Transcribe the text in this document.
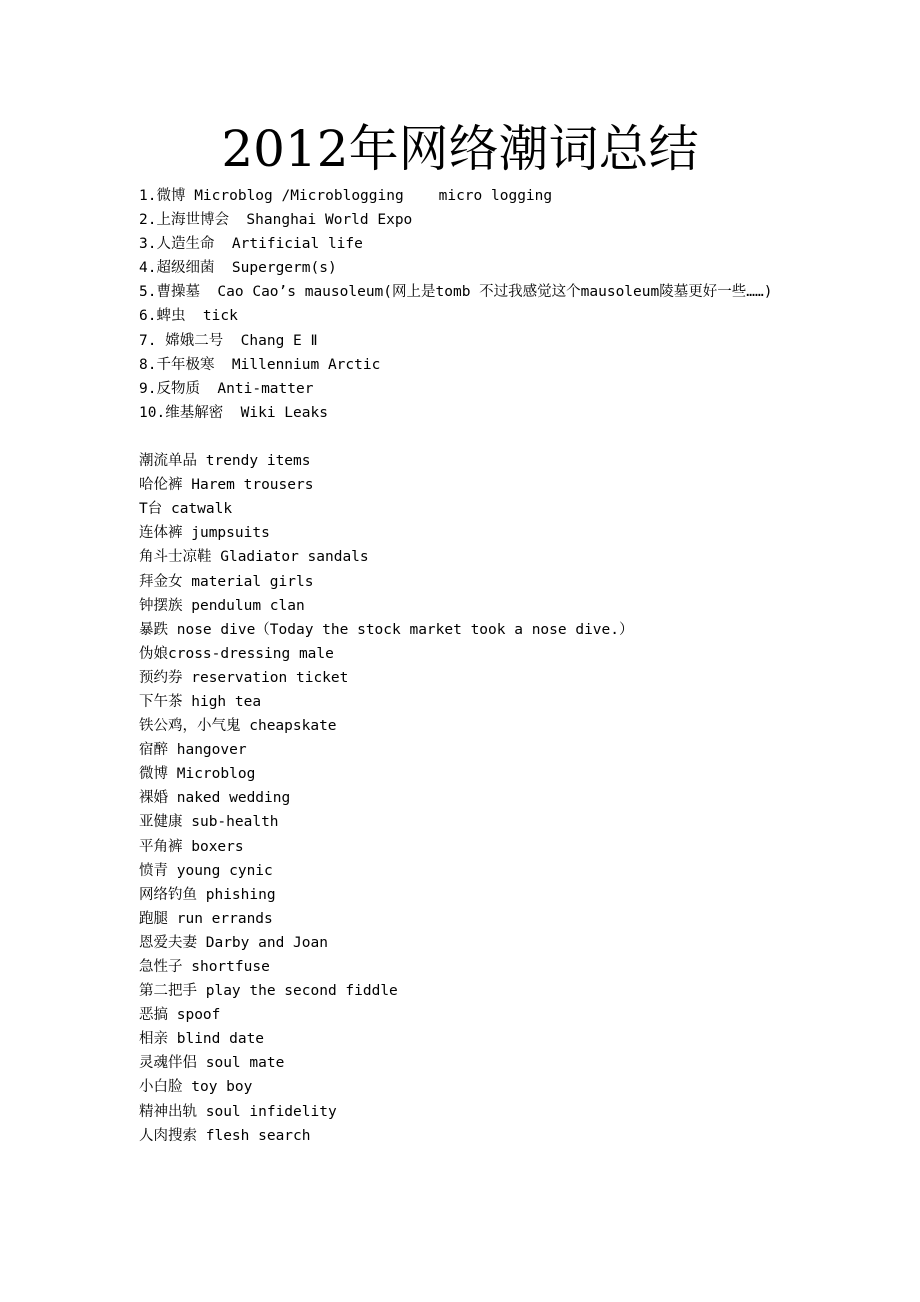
2012年网络潮词总结
1.微博 Microblog /Microblogging    micro logging
2.上海世博会  Shanghai World Expo
3.人造生命  Artificial life
4.超级细菌  Supergerm(s)
5.曹操墓  Cao Cao’s mausoleum(网上是tomb 不过我感觉这个mausoleum陵墓更好一些……)
6.蜱虫  tick
7. 嫦娥二号  Chang E Ⅱ
8.千年极寒  Millennium Arctic
9.反物质  Anti-matter
10.维基解密  Wiki Leaks
潮流单品 trendy items
哈伦裤 Harem trousers
T台 catwalk
连体裤 jumpsuits
角斗士凉鞋 Gladiator sandals
拜金女 material girls
钟摆族 pendulum clan
暴跌 nose dive（Today the stock market took a nose dive.）
伪娘cross-dressing male
预约券 reservation ticket
下午茶 high tea
铁公鸡，小气鬼 cheapskate
宿醉 hangover
微博 Microblog
裸婚 naked wedding
亚健康 sub-health
平角裤 boxers
愤青 young cynic
网络钓鱼 phishing
跑腿 run errands
恩爱夫妻 Darby and Joan
急性子 shortfuse
第二把手 play the second fiddle
恶搞 spoof
相亲 blind date
灵魂伴侣 soul mate
小白脸 toy boy
精神出轨 soul infidelity
人肉搜索 flesh search
